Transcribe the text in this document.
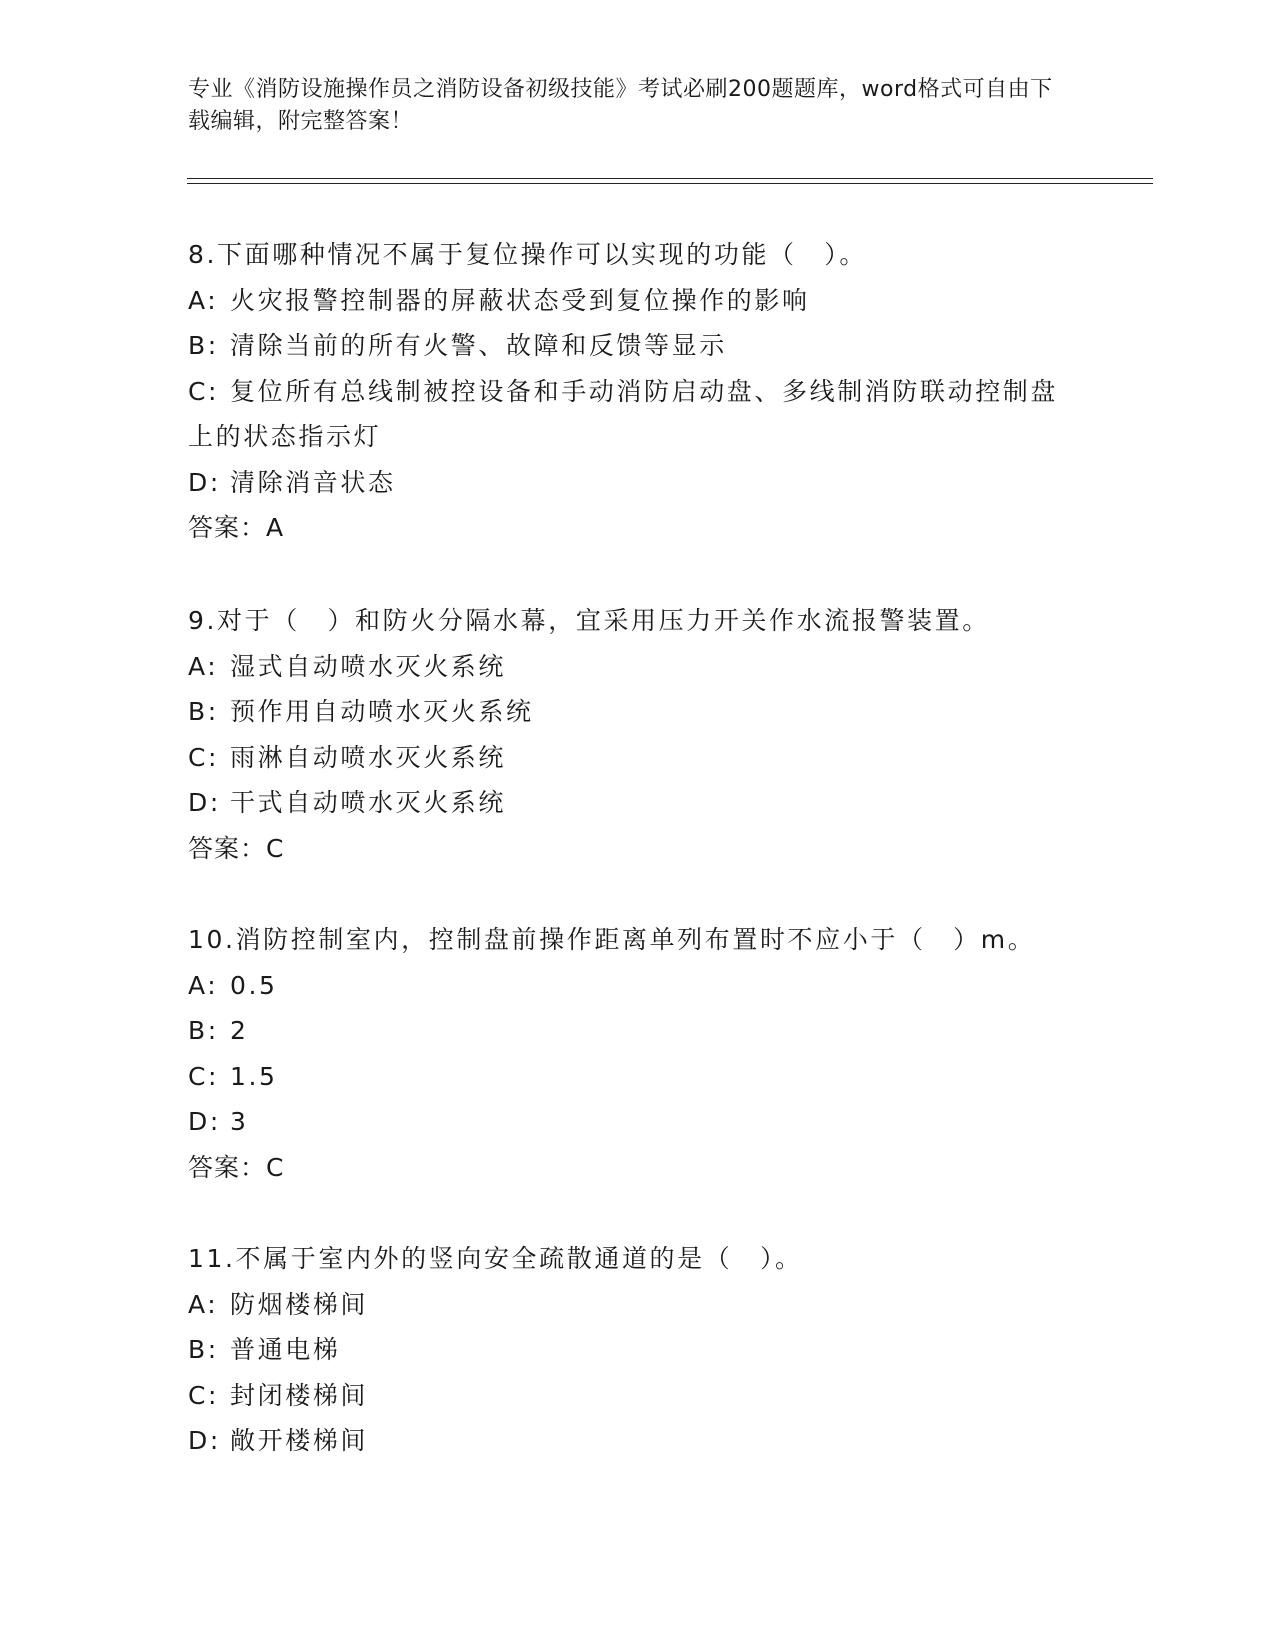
专业《消防设施操作员之消防设备初级技能》考试必刷200题题库，word格式可自由下载编辑，附完整答案！
8.下面哪种情况不属于复位操作可以实现的功能（　）。
A: 火灾报警控制器的屏蔽状态受到复位操作的影响
B: 清除当前的所有火警、故障和反馈等显示
C: 复位所有总线制被控设备和手动消防启动盘、多线制消防联动控制盘上的状态指示灯
D: 清除消音状态
答案：A
9.对于（　）和防火分隔水幕，宜采用压力开关作水流报警装置。
A: 湿式自动喷水灭火系统
B: 预作用自动喷水灭火系统
C: 雨淋自动喷水灭火系统
D: 干式自动喷水灭火系统
答案：C
10.消防控制室内，控制盘前操作距离单列布置时不应小于（　）m。
A: 0.5
B: 2
C: 1.5
D: 3
答案：C
11.不属于室内外的竖向安全疏散通道的是（　）。
A: 防烟楼梯间
B: 普通电梯
C: 封闭楼梯间
D: 敞开楼梯间
